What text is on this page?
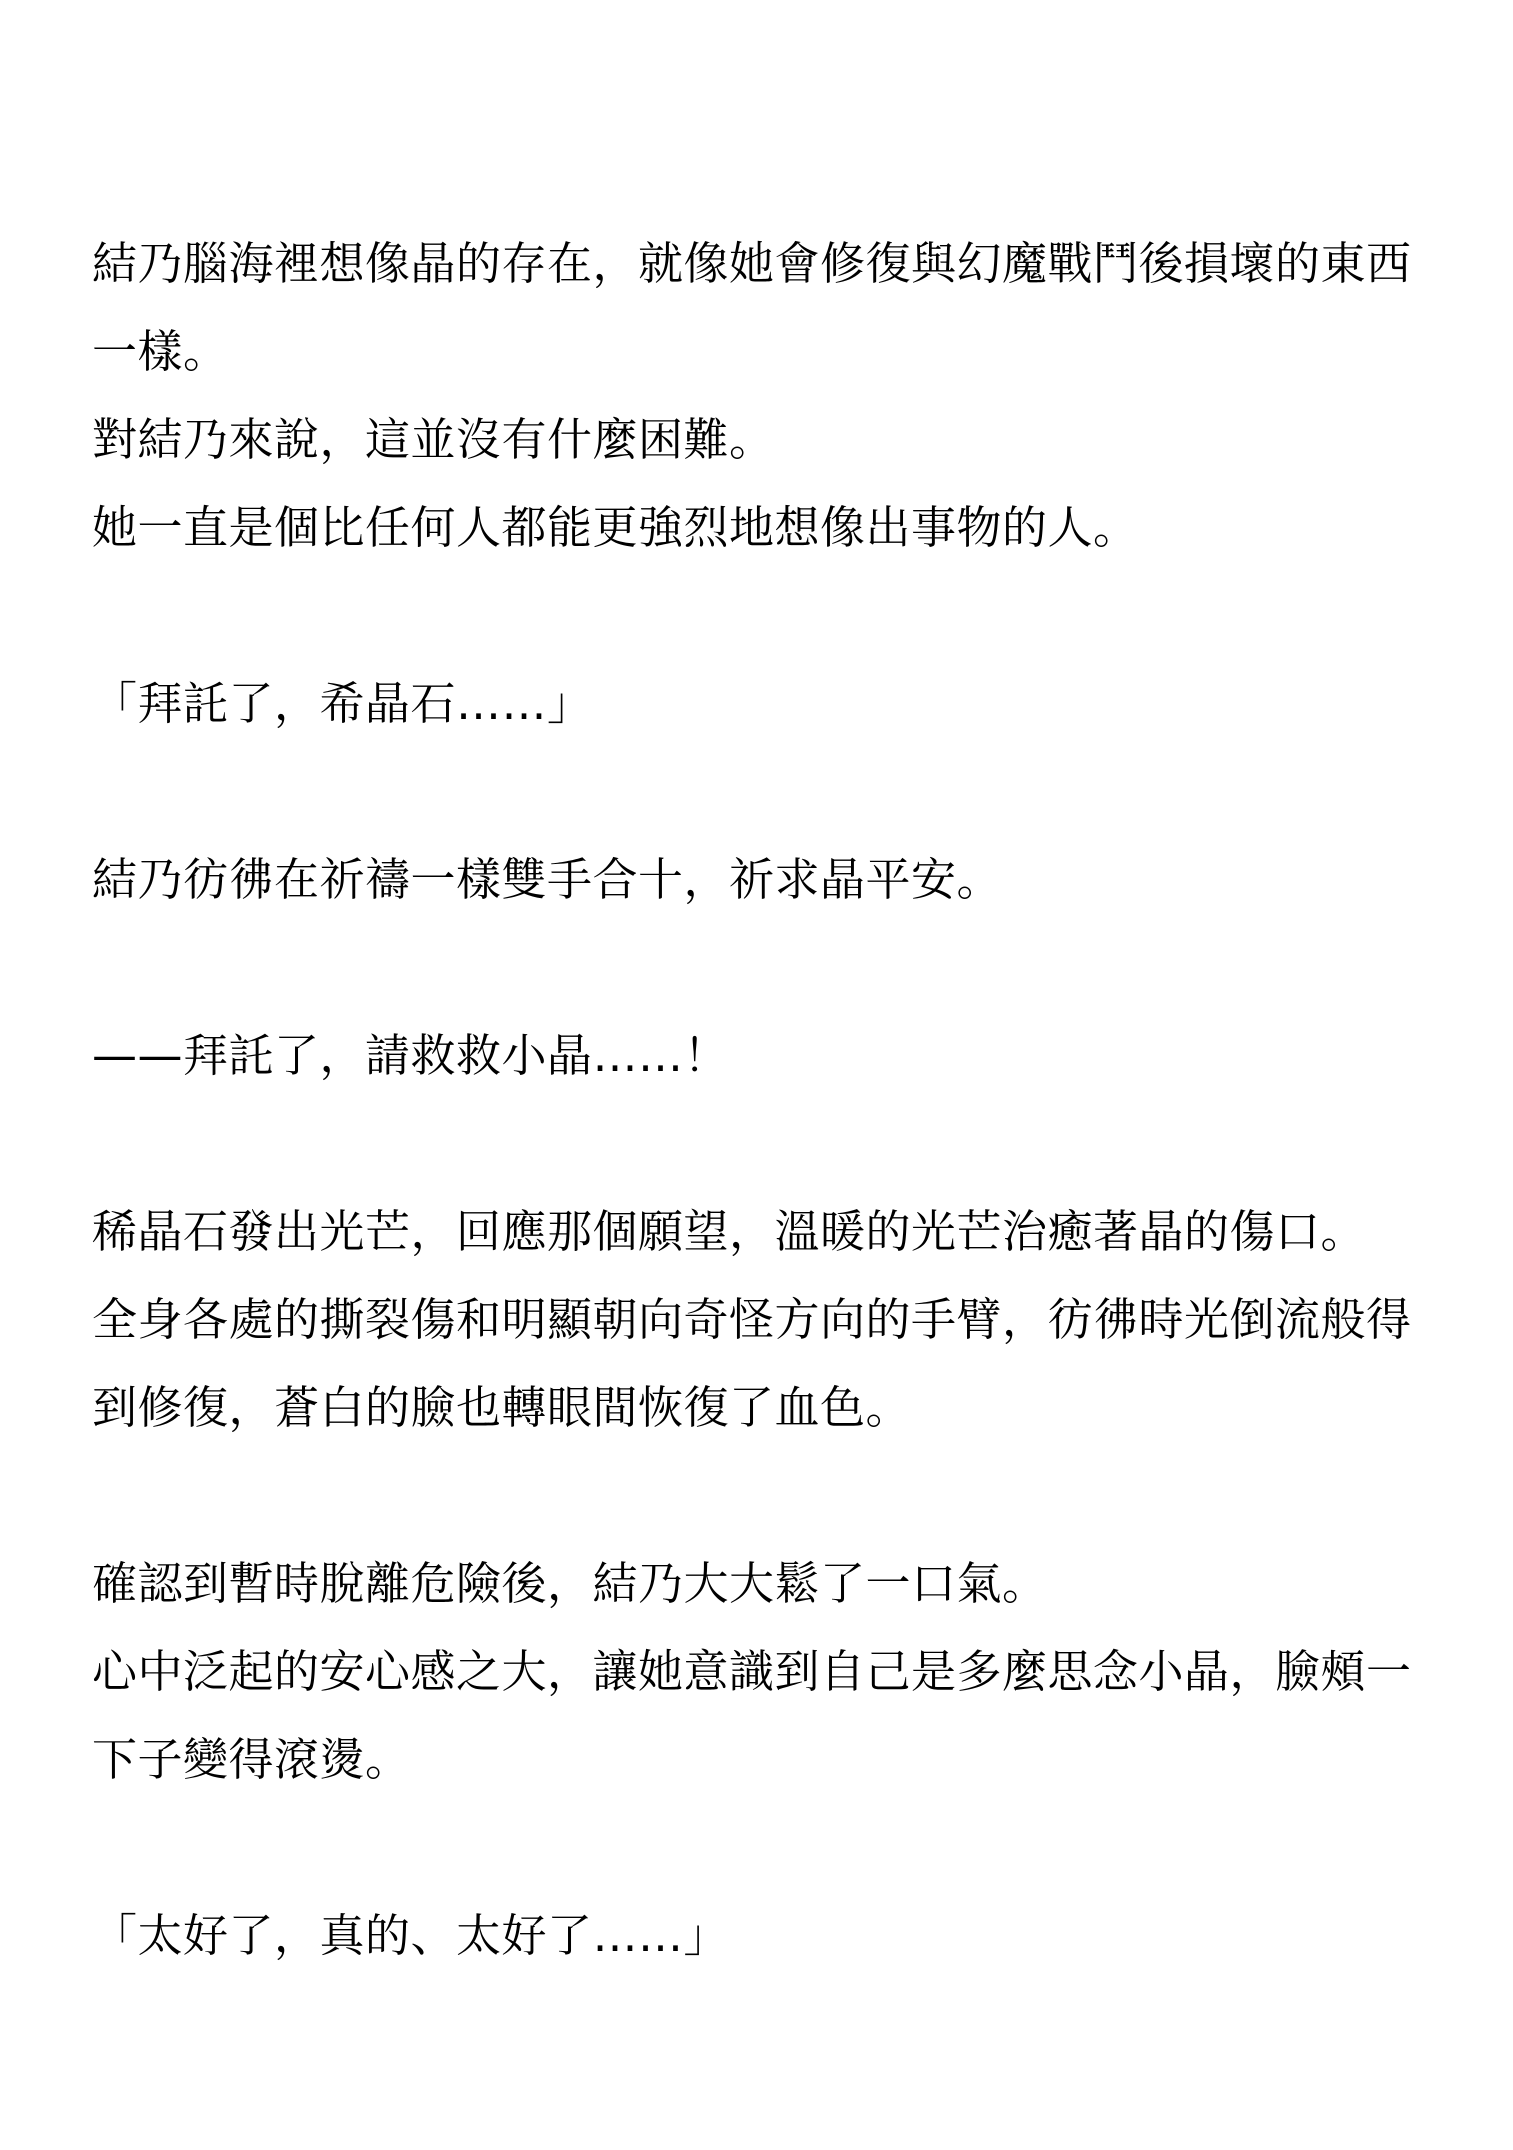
結乃腦海裡想像晶的存在，就像她會修復與幻魔戰鬥後損壞的東西
一樣。
對結乃來說，這並沒有什麼困難。
她一直是個比任何人都能更強烈地想像出事物的人。
「拜託了，希晶石……」
結乃彷彿在祈禱一樣雙手合十，祈求晶平安。
——拜託了，請救救小晶……！
稀晶石發出光芒，回應那個願望，溫暖的光芒治癒著晶的傷口。
全身各處的撕裂傷和明顯朝向奇怪方向的手臂，彷彿時光倒流般得
到修復，蒼白的臉也轉眼間恢復了血色。
確認到暫時脫離危險後，結乃大大鬆了一口氣。
心中泛起的安心感之大，讓她意識到自己是多麼思念小晶，臉頰一
下子變得滾燙。
「太好了，真的、太好了……」
